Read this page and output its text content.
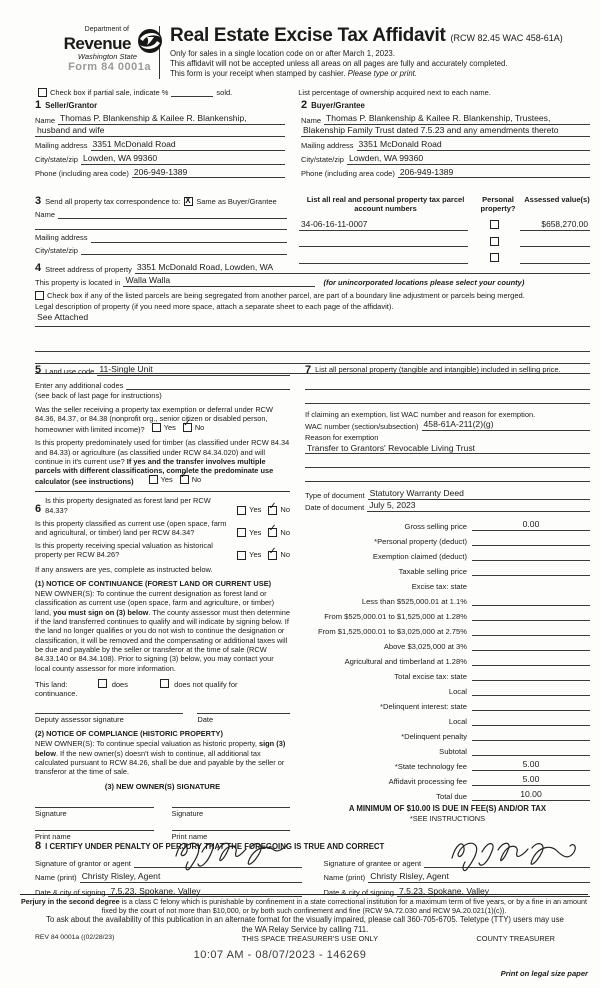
Department of
Revenue
Washington State
Form 84 0001a
Real Estate Excise Tax Affidavit (RCW 82.45 WAC 458-61A)
Only for sales in a single location code on or after March 1, 2023.
This affidavit will not be accepted unless all areas on all pages are fully and accurately completed.
This form is your receipt when stamped by cashier. Please type or print.
Check box if partial sale, indicate %	sold.	List percentage of ownership acquired next to each name.
1 Seller/Grantor
Name Thomas P. Blankenship & Kailee R. Blankenship,
husband and wife
Mailing address 3351 McDonald Road
City/state/zip Lowden, WA 99360
Phone (including area code) 206-949-1389
2 Buyer/Grantee
Name Thomas P. Blankenship & Kailee R. Blankenship, Trustees,
Blakenship Family Trust dated 7.5.23 and any amendments thereto
Mailing address 3351 McDonald Road
City/state/zip Lowden, WA 99360
Phone (including area code) 206-949-1389
3 Send all property tax correspondence to:
X	Same as Buyer/Grantee
Name
Mailing address
City/state/zip
List all real and personal property tax parcel account numbers
Personal property?
Assessed value(s)
34-06-16-11-0007	$658,270.00
4 Street address of property 3351 McDonald Road, Lowden, WA
This property is located in Walla Walla	(for unincorporated locations please select your county)
Check box if any of the listed parcels are being segregated from another parcel, are part of a boundary line adjustment or parcels being merged.
Legal description of property (if you need more space, attach a separate sheet to each page of the affidavit).
See Attached
5 Land use code 11-Single Unit
Enter any additional codes
(see back of last page for instructions)
Was the seller receiving a property tax exemption or deferral under RCW 84.36, 84.37, or 84.38 (nonprofit org., senior citizen or disabled person, homeowner with limited income)?	Yes ✓	No
Is this property predominately used for timber (as classified under RCW 84.34 and 84.33) or agriculture (as classified under RCW 84.34.020) and will continue in it's current use? If yes and the transfer involves multiple parcels with different classifications, complete the predominate use calculator (see instructions)	Yes ✓	No
6
Is this property designated as forest land per RCW 84.33?	Yes ✓	No
Is this property classified as current use (open space, farm and agricultural, or timber) land per RCW 84.34?	Yes ✓	No
Is this property receiving special valuation as historical property per RCW 84.26?	Yes ✓	No
If any answers are yes, complete as instructed below.
(1) NOTICE OF CONTINUANCE (FOREST LAND OR CURRENT USE)
NEW OWNER(S): To continue the current designation as forest land or classification as current use (open space, farm and agriculture, or timber) land, you must sign on (3) below. The county assessor must then determine if the land transferred continues to qualify and will indicate by signing below. If the land no longer qualifies or you do not wish to continue the designation or classification, it will be removed and the compensating or additional taxes will be due and payable by the seller or transferor at the time of sale (RCW 84.33.140 or 84.34.108). Prior to signing (3) below, you may contact your local county assessor for more information.
This land:	does	does not qualify for
continuance.
Deputy assessor signature	Date
(2) NOTICE OF COMPLIANCE (HISTORIC PROPERTY)
NEW OWNER(S): To continue special valuation as historic property, sign (3) below. If the new owner(s) doesn't wish to continue, all additional tax calculated pursuant to RCW 84.26, shall be due and payable by the seller or transferor at the time of sale.
(3) NEW OWNER(S) SIGNATURE
Signature	Signature
Print name	Print name
7 List all personal property (tangible and intangible) included in selling price.
If claiming an exemption, list WAC number and reason for exemption.
WAC number (section/subsection) 458-61A-211(2)(g)
Reason for exemption
Transfer to Grantors' Revocable Living Trust
Type of document Statutory Warranty Deed
Date of document July 5, 2023
Gross selling price	0.00
*Personal property (deduct)
Exemption claimed (deduct)
Taxable selling price
Excise tax: state
Less than $525,000.01 at 1.1%
From $525,000.01 to $1,525,000 at 1.28%
From $1,525,000.01 to $3,025,000 at 2.75%
Above $3,025,000 at 3%
Agricultural and timberland at 1.28%
Total excise tax: state
Local
*Delinquent interest: state
Local
*Delinquent penalty
Subtotal
*State technology fee	5.00
Affidavit processing fee	5.00
Total due	10.00
A MINIMUM OF $10.00 IS DUE IN FEE(S) AND/OR TAX
*SEE INSTRUCTIONS
8 I CERTIFY UNDER PENALTY OF PERJURY THAT THE FOREGOING IS TRUE AND CORRECT
Signature of grantor or agent
Name (print) Christy Risley, Agent
Date & city of signing 7.5.23, Spokane, Valley
Signature of grantee or agent
Name (print) Christy Risley, Agent
Date & city of signing 7.5.23, Spokane, Valley
Perjury in the second degree is a class C felony which is punishable by confinement in a state correctional institution for a maximum term of five years, or by a fine in an amount fixed by the court of not more than $10,000, or by both such confinement and fine (RCW 9A.72.030 and RCW 9A.20.021(1)(c)).
To ask about the availability of this publication in an alternate format for the visually impaired, please call 360-705-6705. Teletype (TTY) users may use the WA Relay Service by calling 711.
REV 84 0001a ((02/28/23)	THIS SPACE TREASURER'S USE ONLY	COUNTY TREASURER
10:07 AM - 08/07/2023 - 146269
Print on legal size paper
